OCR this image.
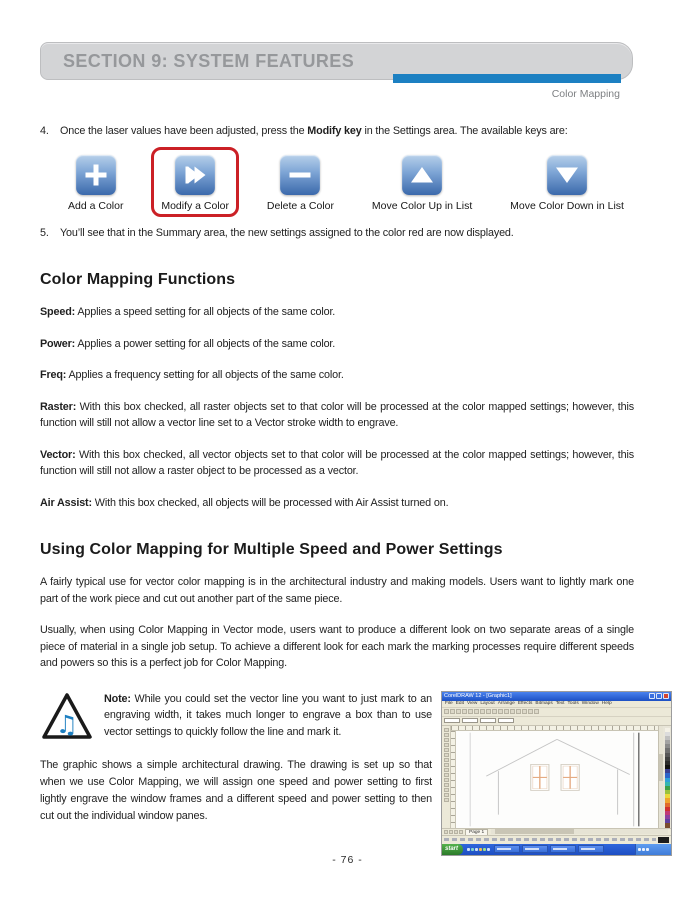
SECTION 9: SYSTEM FEATURES
Color Mapping
4.	Once the laser values have been adjusted, press the Modify key in the Settings area. The available keys are:
Add a Color	Modify a Color	Delete a Color	Move Color Up in List	Move Color Down in List
5.	You’ll see that in the Summary area, the new settings assigned to the color red are now displayed.
Color Mapping Functions

Speed: Applies a speed setting for all objects of the same color.

Power: Applies a power setting for all objects of the same color.

Freq: Applies a frequency setting for all objects of the same color.

Raster: With this box checked, all raster objects set to that color will be processed at the color mapped settings; however, this function will still not allow a vector line set to a Vector stroke width to engrave.

Vector: With this box checked, all vector objects set to that color will be processed at the color mapped settings; however, this function will still not allow a raster object to be processed as a vector.

Air Assist: With this box checked, all objects will be processed with Air Assist turned on.

Using Color Mapping for Multiple Speed and Power Settings

A fairly typical use for vector color mapping is in the architectural industry and making models. Users want to lightly mark one part of the work piece and cut out another part of the same piece.

Usually, when using Color Mapping in Vector mode, users want to produce a different look on two separate areas of a single piece of material in a single job setup. To achieve a different look for each mark the marking processes require different speeds and powers so this is a perfect job for Color Mapping.

♫

Note: While you could set the vector line you want to just mark to an engraving width, it takes much longer to engrave a box than to use vector settings to quickly follow the line and mark it.

The graphic shows a simple architectural drawing. The drawing is set up so that when we use Color Mapping, we will assign one speed and power setting to first lightly engrave the window frames and a different speed and power setting to then cut out the individual window panes.

CorelDRAW 12 - [Graphic1]
File Edit View Layout Arrange Effects Bitmaps Text Tools Window Help
Page 1
start
- 76 -
